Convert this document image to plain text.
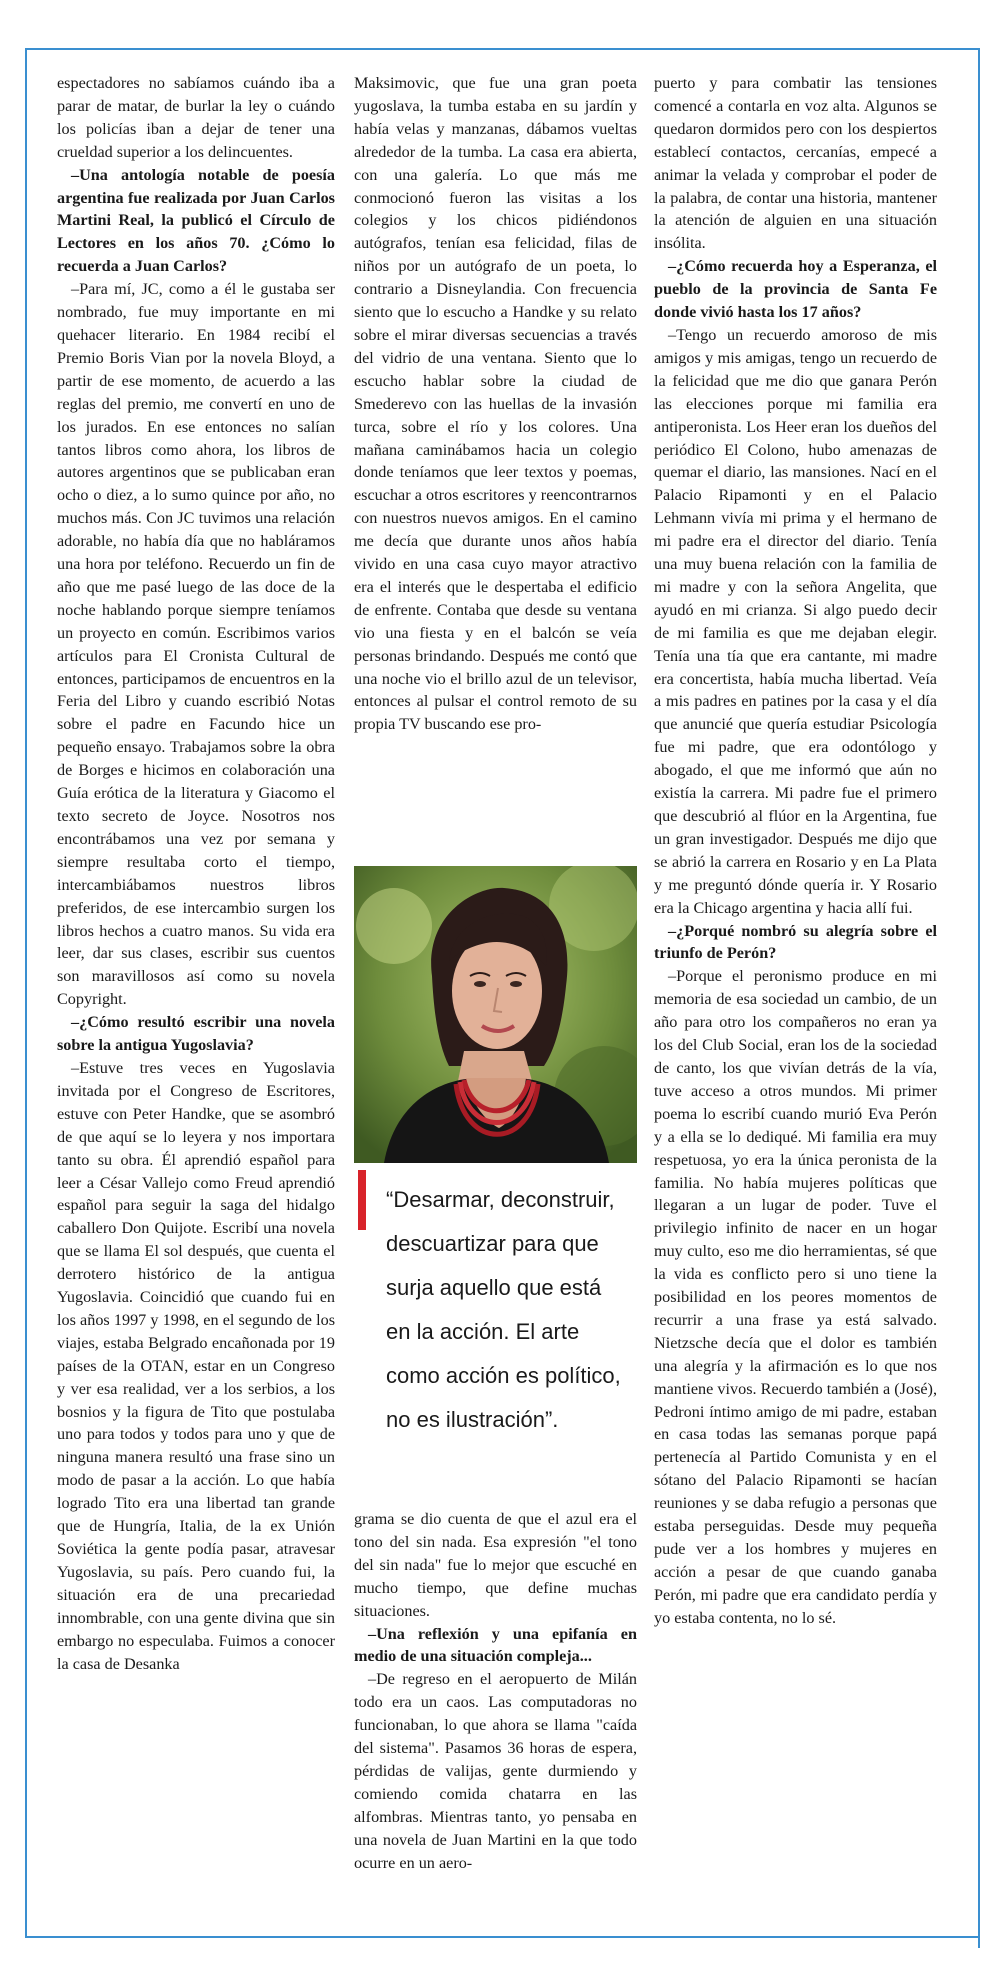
espectadores no sabíamos cuándo iba a parar de matar, de burlar la ley o cuándo los policías iban a dejar de tener una crueldad superior a los delincuentes.

–Una antología notable de poesía argentina fue realizada por Juan Carlos Martini Real, la publicó el Círculo de Lectores en los años 70. ¿Cómo lo recuerda a Juan Carlos?

–Para mí, JC, como a él le gustaba ser nombrado, fue muy importante en mi quehacer literario. En 1984 recibí el Premio Boris Vian por la novela Bloyd, a partir de ese momento, de acuerdo a las reglas del premio, me convertí en uno de los jurados. En ese entonces no salían tantos libros como ahora, los libros de autores argentinos que se publicaban eran ocho o diez, a lo sumo quince por año, no muchos más. Con JC tuvimos una relación adorable, no había día que no habláramos una hora por teléfono. Recuerdo un fin de año que me pasé luego de las doce de la noche hablando porque siempre teníamos un proyecto en común. Escribimos varios artículos para El Cronista Cultural de entonces, participamos de encuentros en la Feria del Libro y cuando escribió Notas sobre el padre en Facundo hice un pequeño ensayo. Trabajamos sobre la obra de Borges e hicimos en colaboración una Guía erótica de la literatura y Giacomo el texto secreto de Joyce. Nosotros nos encontrábamos una vez por semana y siempre resultaba corto el tiempo, intercambiábamos nuestros libros preferidos, de ese intercambio surgen los libros hechos a cuatro manos. Su vida era leer, dar sus clases, escribir sus cuentos son maravillosos así como su novela Copyright.

–¿Cómo resultó escribir una novela sobre la antigua Yugoslavia?

–Estuve tres veces en Yugoslavia invitada por el Congreso de Escritores, estuve con Peter Handke, que se asombró de que aquí se lo leyera y nos importara tanto su obra. Él aprendió español para leer a César Vallejo como Freud aprendió español para seguir la saga del hidalgo caballero Don Quijote. Escribí una novela que se llama El sol después, que cuenta el derrotero histórico de la antigua Yugoslavia. Coincidió que cuando fui en los años 1997 y 1998, en el segundo de los viajes, estaba Belgrado encañonada por 19 países de la OTAN, estar en un Congreso y ver esa realidad, ver a los serbios, a los bosnios y la figura de Tito que postulaba uno para todos y todos para uno y que de ninguna manera resultó una frase sino un modo de pasar a la acción. Lo que había logrado Tito era una libertad tan grande que de Hungría, Italia, de la ex Unión Soviética la gente podía pasar, atravesar Yugoslavia, su país. Pero cuando fui, la situación era de una precariedad innombrable, con una gente divina que sin embargo no especulaba. Fuimos a conocer la casa de Desanka

Maksimovic, que fue una gran poeta yugoslava, la tumba estaba en su jardín y había velas y manzanas, dábamos vueltas alrededor de la tumba. La casa era abierta, con una galería. Lo que más me conmocionó fueron las visitas a los colegios y los chicos pidiéndonos autógrafos, tenían esa felicidad, filas de niños por un autógrafo de un poeta, lo contrario a Disneylandia. Con frecuencia siento que lo escucho a Handke y su relato sobre el mirar diversas secuencias a través del vidrio de una ventana. Siento que lo escucho hablar sobre la ciudad de Smederevo con las huellas de la invasión turca, sobre el río y los colores. Una mañana caminábamos hacia un colegio donde teníamos que leer textos y poemas, escuchar a otros escritores y reencontrarnos con nuestros nuevos amigos. En el camino me decía que durante unos años había vivido en una casa cuyo mayor atractivo era el interés que le despertaba el edificio de enfrente. Contaba que desde su ventana vio una fiesta y en el balcón se veía personas brindando. Después me contó que una noche vio el brillo azul de un televisor, entonces al pulsar el control remoto de su propia TV buscando ese pro-

“Desarmar, deconstruir, descuartizar para que surja aquello que está en la acción. El arte como acción es político, no es ilustración”.

grama se dio cuenta de que el azul era el tono del sin nada. Esa expresión "el tono del sin nada" fue lo mejor que escuché en mucho tiempo, que define muchas situaciones.

–Una reflexión y una epifanía en medio de una situación compleja...

–De regreso en el aeropuerto de Milán todo era un caos. Las computadoras no funcionaban, lo que ahora se llama "caída del sistema". Pasamos 36 horas de espera, pérdidas de valijas, gente durmiendo y comiendo comida chatarra en las alfombras. Mientras tanto, yo pensaba en una novela de Juan Martini en la que todo ocurre en un aero-

puerto y para combatir las tensiones comencé a contarla en voz alta. Algunos se quedaron dormidos pero con los despiertos establecí contactos, cercanías, empecé a animar la velada y comprobar el poder de la palabra, de contar una historia, mantener la atención de alguien en una situación insólita.

–¿Cómo recuerda hoy a Esperanza, el pueblo de la provincia de Santa Fe donde vivió hasta los 17 años?

–Tengo un recuerdo amoroso de mis amigos y mis amigas, tengo un recuerdo de la felicidad que me dio que ganara Perón las elecciones porque mi familia era antiperonista. Los Heer eran los dueños del periódico El Colono, hubo amenazas de quemar el diario, las mansiones. Nací en el Palacio Ripamonti y en el Palacio Lehmann vivía mi prima y el hermano de mi padre era el director del diario. Tenía una muy buena relación con la familia de mi madre y con la señora Angelita, que ayudó en mi crianza. Si algo puedo decir de mi familia es que me dejaban elegir. Tenía una tía que era cantante, mi madre era concertista, había mucha libertad. Veía a mis padres en patines por la casa y el día que anuncié que quería estudiar Psicología fue mi padre, que era odontólogo y abogado, el que me informó que aún no existía la carrera. Mi padre fue el primero que descubrió al flúor en la Argentina, fue un gran investigador. Después me dijo que se abrió la carrera en Rosario y en La Plata y me preguntó dónde quería ir. Y Rosario era la Chicago argentina y hacia allí fui.

–¿Porqué nombró su alegría sobre el triunfo de Perón?

–Porque el peronismo produce en mi memoria de esa sociedad un cambio, de un año para otro los compañeros no eran ya los del Club Social, eran los de la sociedad de canto, los que vivían detrás de la vía, tuve acceso a otros mundos. Mi primer poema lo escribí cuando murió Eva Perón y a ella se lo dediqué. Mi familia era muy respetuosa, yo era la única peronista de la familia. No había mujeres políticas que llegaran a un lugar de poder. Tuve el privilegio infinito de nacer en un hogar muy culto, eso me dio herramientas, sé que la vida es conflicto pero si uno tiene la posibilidad en los peores momentos de recurrir a una frase ya está salvado. Nietzsche decía que el dolor es también una alegría y la afirmación es lo que nos mantiene vivos. Recuerdo también a (José), Pedroni íntimo amigo de mi padre, estaban en casa todas las semanas porque papá pertenecía al Partido Comunista y en el sótano del Palacio Ripamonti se hacían reuniones y se daba refugio a personas que estaba perseguidas. Desde muy pequeña pude ver a los hombres y mujeres en acción a pesar de que cuando ganaba Perón, mi padre que era candidato perdía y yo estaba contenta, no lo sé.
